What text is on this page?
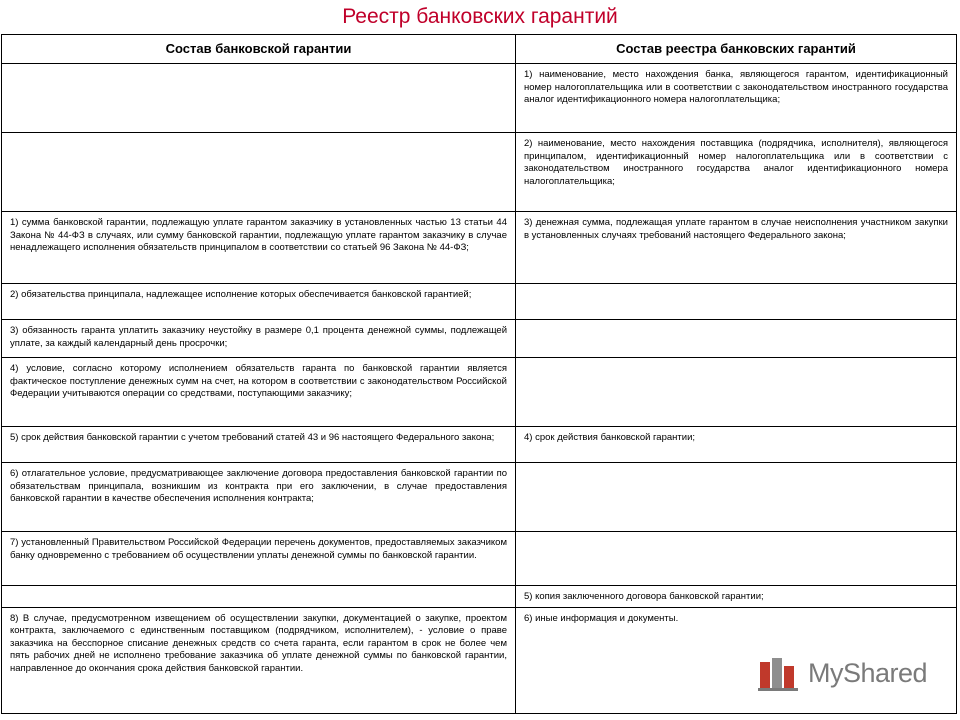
Реестр банковских гарантий
Состав банковской гарантии	Состав реестра банковских гарантий
	1) наименование, место нахождения банка, являющегося гарантом, идентификационный номер налогоплательщика или в соответствии с законодательством иностранного государства аналог идентификационного номера налогоплательщика;
	2) наименование, место нахождения поставщика (подрядчика, исполнителя), являющегося принципалом, идентификационный номер налогоплательщика или в соответствии с законодательством иностранного государства аналог идентификационного номера налогоплательщика;
1) сумма банковской гарантии, подлежащую уплате гарантом заказчику в установленных частью 13 статьи 44 Закона № 44-ФЗ в случаях, или сумму банковской гарантии, подлежащую уплате гарантом заказчику в случае ненадлежащего исполнения обязательств принципалом в соответствии со статьей 96 Закона № 44-ФЗ;	3) денежная сумма, подлежащая уплате гарантом в случае неисполнения участником закупки в установленных случаях требований настоящего Федерального закона;
2) обязательства принципала, надлежащее исполнение которых обеспечивается банковской гарантией;	
3) обязанность гаранта уплатить заказчику неустойку в размере 0,1 процента денежной суммы, подлежащей уплате, за каждый календарный день просрочки;	
4) условие, согласно которому исполнением обязательств гаранта по банковской гарантии является фактическое поступление денежных сумм на счет, на котором в соответствии с законодательством Российской Федерации учитываются операции со средствами, поступающими заказчику;	
5) срок действия банковской гарантии с учетом требований статей 43 и 96 настоящего Федерального закона;	4) срок действия банковской гарантии;
6) отлагательное условие, предусматривающее заключение договора предоставления банковской гарантии по обязательствам принципала, возникшим из контракта при его заключении, в случае предоставления банковской гарантии в качестве обеспечения исполнения контракта;	
7) установленный Правительством Российской Федерации перечень документов, предоставляемых заказчиком банку одновременно с требованием об осуществлении уплаты денежной суммы по банковской гарантии.	
	5) копия заключенного договора банковской гарантии;
8) В случае, предусмотренном извещением об осуществлении закупки, документацией о закупке, проектом контракта, заключаемого с единственным поставщиком (подрядчиком, исполнителем), - условие о праве заказчика на бесспорное списание денежных средств со счета гаранта, если гарантом в срок не более чем пять рабочих дней не исполнено требование заказчика об уплате денежной суммы по банковской гарантии, направленное до окончания срока действия банковской гарантии.	6) иные информация и документы.
MyShared
